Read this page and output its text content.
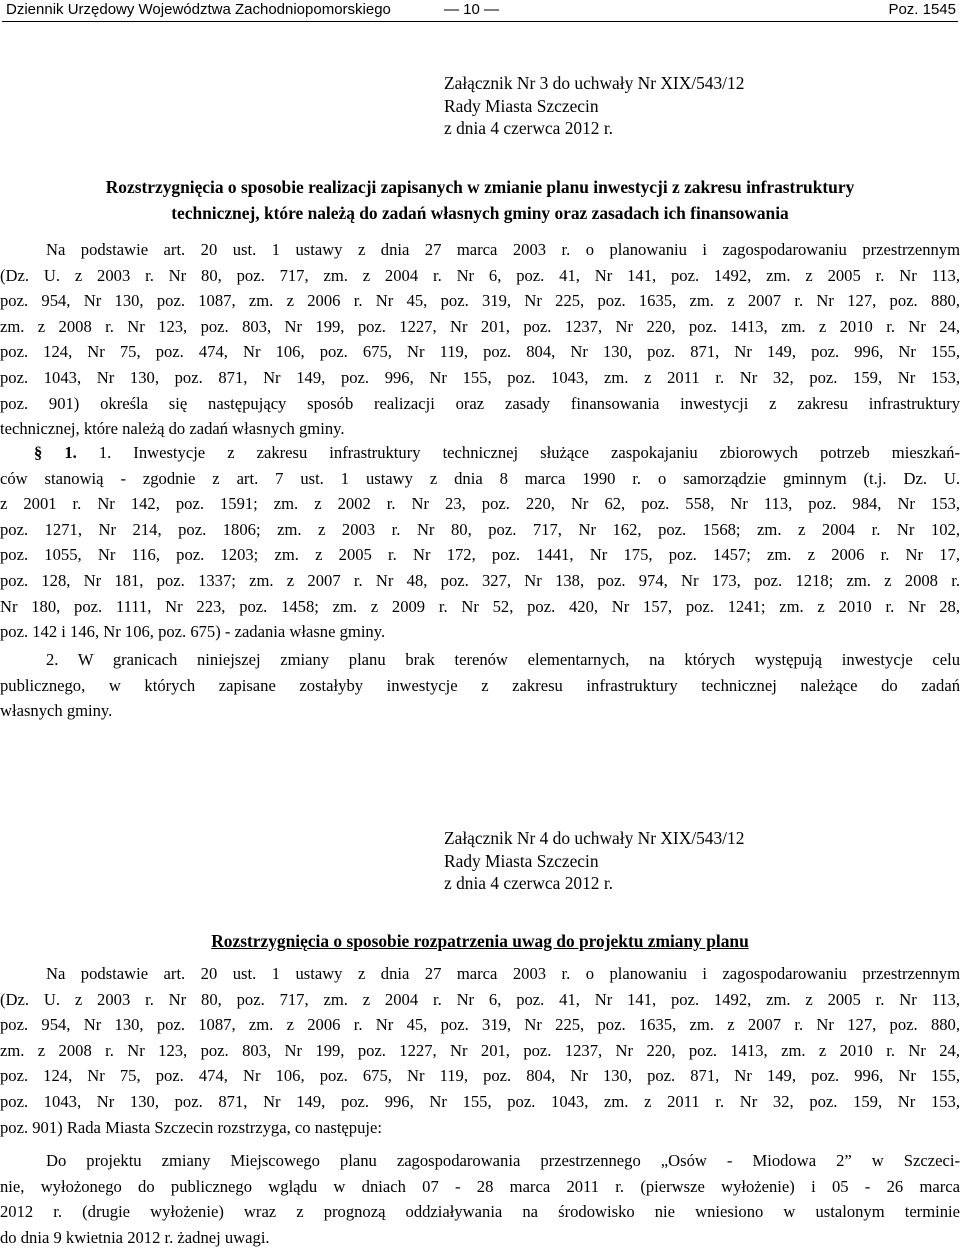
Dziennik Urzędowy Województwa Zachodniopomorskiego	— 10 —	Poz. 1545
Załącznik Nr 3 do uchwały Nr XIX/543/12
Rady Miasta Szczecin
z dnia 4 czerwca 2012 r.
Rozstrzygnięcia o sposobie realizacji zapisanych w zmianie planu inwestycji z zakresu infrastruktury
technicznej, które należą do zadań własnych gminy oraz zasadach ich finansowania
Na podstawie art. 20 ust. 1 ustawy z dnia 27 marca 2003 r. o planowaniu i zagospodarowaniu przestrzennym
(Dz. U. z 2003 r. Nr 80, poz. 717, zm. z 2004 r. Nr 6, poz. 41, Nr 141, poz. 1492, zm. z 2005 r. Nr 113,
poz. 954, Nr 130, poz. 1087, zm. z 2006 r. Nr 45, poz. 319, Nr 225, poz. 1635, zm. z 2007 r. Nr 127, poz. 880,
zm. z 2008 r. Nr 123, poz. 803, Nr 199, poz. 1227, Nr 201, poz. 1237, Nr 220, poz. 1413, zm. z 2010 r. Nr 24,
poz. 124, Nr 75, poz. 474, Nr 106, poz. 675, Nr 119, poz. 804, Nr 130, poz. 871, Nr 149, poz. 996, Nr 155,
poz. 1043, Nr 130, poz. 871, Nr 149, poz. 996, Nr 155, poz. 1043, zm. z 2011 r. Nr 32, poz. 159, Nr 153,
poz. 901) określa się następujący sposób realizacji oraz zasady finansowania inwestycji z zakresu infrastruktury
technicznej, które należą do zadań własnych gminy.
§ 1. 1. Inwestycje z zakresu infrastruktury technicznej służące zaspokajaniu zbiorowych potrzeb mieszkań-
ców stanowią - zgodnie z art. 7 ust. 1 ustawy z dnia 8 marca 1990 r. o samorządzie gminnym (t.j. Dz. U.
z 2001 r. Nr 142, poz. 1591; zm. z 2002 r. Nr 23, poz. 220, Nr 62, poz. 558, Nr 113, poz. 984, Nr 153,
poz. 1271, Nr 214, poz. 1806; zm. z 2003 r. Nr 80, poz. 717, Nr 162, poz. 1568; zm. z 2004 r. Nr 102,
poz. 1055, Nr 116, poz. 1203; zm. z 2005 r. Nr 172, poz. 1441, Nr 175, poz. 1457; zm. z 2006 r. Nr 17,
poz. 128, Nr 181, poz. 1337; zm. z 2007 r. Nr 48, poz. 327, Nr 138, poz. 974, Nr 173, poz. 1218; zm. z 2008 r.
Nr 180, poz. 1111, Nr 223, poz. 1458; zm. z 2009 r. Nr 52, poz. 420, Nr 157, poz. 1241; zm. z 2010 r. Nr 28,
poz. 142 i 146, Nr 106, poz. 675) - zadania własne gminy.
2. W granicach niniejszej zmiany planu brak terenów elementarnych, na których występują inwestycje celu
publicznego, w których zapisane zostałyby inwestycje z zakresu infrastruktury technicznej należące do zadań
własnych gminy.
Załącznik Nr 4 do uchwały Nr XIX/543/12
Rady Miasta Szczecin
z dnia 4 czerwca 2012 r.
Rozstrzygnięcia o sposobie rozpatrzenia uwag do projektu zmiany planu
Na podstawie art. 20 ust. 1 ustawy z dnia 27 marca 2003 r. o planowaniu i zagospodarowaniu przestrzennym
(Dz. U. z 2003 r. Nr 80, poz. 717, zm. z 2004 r. Nr 6, poz. 41, Nr 141, poz. 1492, zm. z 2005 r. Nr 113,
poz. 954, Nr 130, poz. 1087, zm. z 2006 r. Nr 45, poz. 319, Nr 225, poz. 1635, zm. z 2007 r. Nr 127, poz. 880,
zm. z 2008 r. Nr 123, poz. 803, Nr 199, poz. 1227, Nr 201, poz. 1237, Nr 220, poz. 1413, zm. z 2010 r. Nr 24,
poz. 124, Nr 75, poz. 474, Nr 106, poz. 675, Nr 119, poz. 804, Nr 130, poz. 871, Nr 149, poz. 996, Nr 155,
poz. 1043, Nr 130, poz. 871, Nr 149, poz. 996, Nr 155, poz. 1043, zm. z 2011 r. Nr 32, poz. 159, Nr 153,
poz. 901) Rada Miasta Szczecin rozstrzyga, co następuje:
Do projektu zmiany Miejscowego planu zagospodarowania przestrzennego „Osów - Miodowa 2” w Szczeci-
nie, wyłożonego do publicznego wglądu w dniach 07 - 28 marca 2011 r. (pierwsze wyłożenie) i 05 - 26 marca
2012 r. (drugie wyłożenie) wraz z prognozą oddziaływania na środowisko nie wniesiono w ustalonym terminie
do dnia 9 kwietnia 2012 r. żadnej uwagi.
